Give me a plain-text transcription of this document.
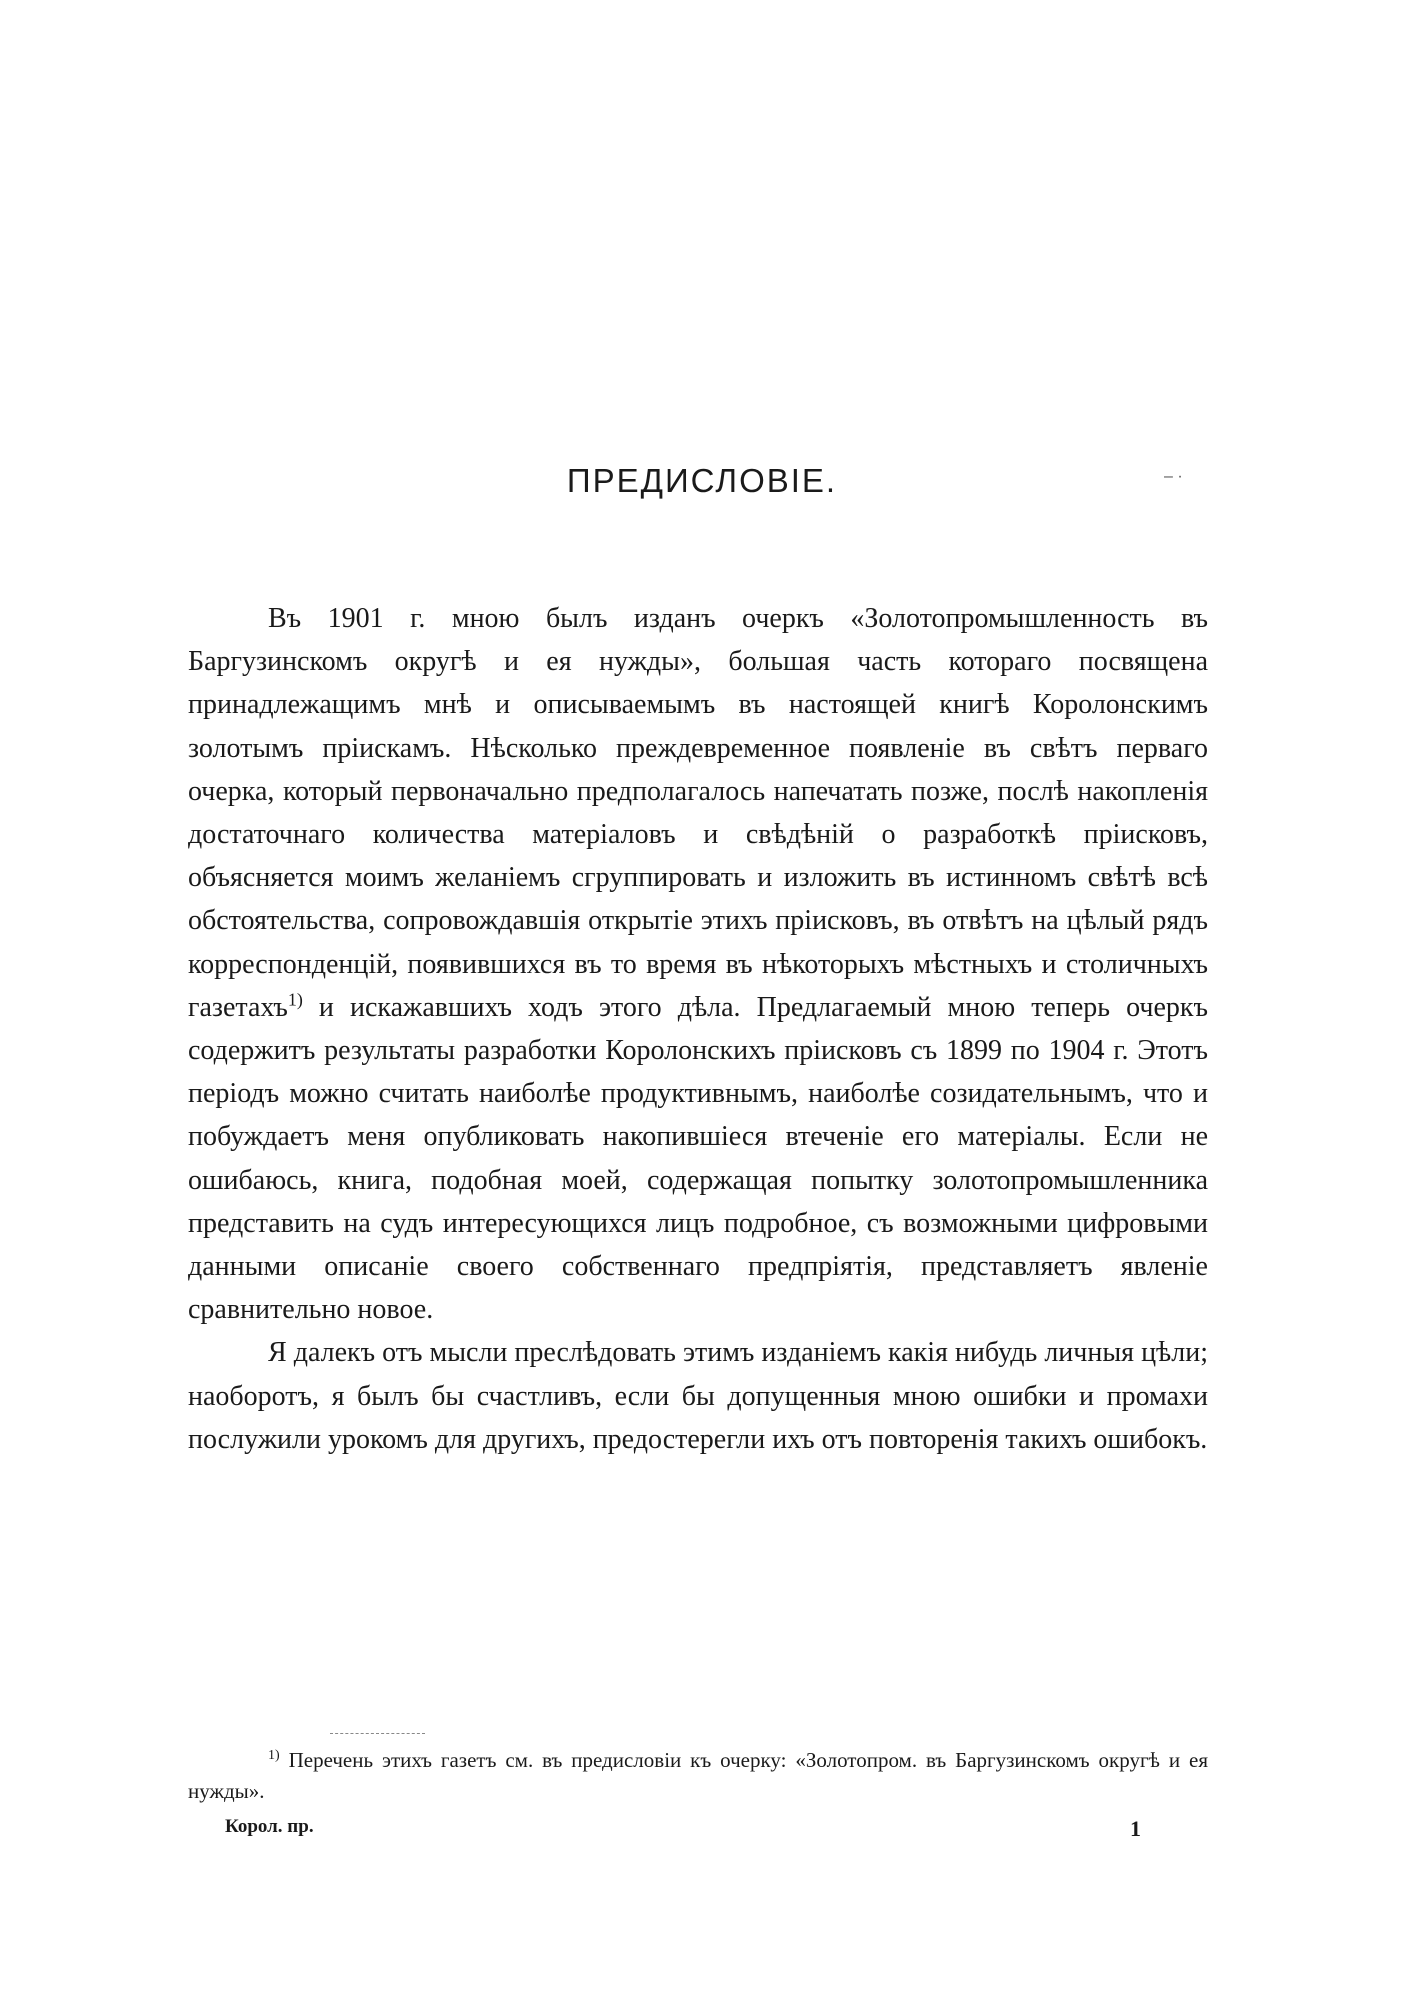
ПРЕДИСЛОВІЕ.	‒ ·

Въ 1901 г. мною былъ изданъ очеркъ «Золотопромышленность въ Баргузинскомъ округѣ и ея нужды», большая часть котораго посвящена принадлежащимъ мнѣ и описываемымъ въ настоящей книгѣ Королонскимъ золотымъ пріискамъ. Нѣсколько преждевременное появленіе въ свѣтъ перваго очерка, который первоначально предполагалось напечатать позже, послѣ накопленія достаточнаго количества матеріаловъ и свѣдѣній о разработкѣ пріисковъ, объясняется моимъ желаніемъ сгруппировать и изложить въ истинномъ свѣтѣ всѣ обстоятельства, сопровождавшія открытіе этихъ пріисковъ, въ отвѣтъ на цѣлый рядъ корреспонденцій, появившихся въ то время въ нѣкоторыхъ мѣстныхъ и столичныхъ газетахъ$^{1)}$ и искажавшихъ ходъ этого дѣла. Предлагаемый мною теперь очеркъ содержитъ результаты разработки Королонскихъ пріисковъ съ 1899 по 1904 г. Этотъ періодъ можно считать наиболѣе продуктивнымъ, наиболѣе созидательнымъ, что и побуждаетъ меня опубликовать накопившіеся втеченіе его матеріалы. Если не ошибаюсь, книга, подобная моей, содержащая попытку золотопромышленника представить на судъ интересующихся лицъ подробное, съ возможными цифровыми данными описаніе своего собственнаго предпріятія, представляетъ явленіе сравнительно новое.

Я далекъ отъ мысли преслѣдовать этимъ изданіемъ какія нибудь личныя цѣли; наоборотъ, я былъ бы счастливъ, если бы допущенныя мною ошибки и промахи послужили урокомъ для другихъ, предостерегли ихъ отъ повторенія такихъ ошибокъ.

$^{1)}$ Перечень этихъ газетъ см. въ предисловіи къ очерку: «Золотопром. въ Баргузинскомъ округѣ и ея нужды».

Корол. пр.	1
